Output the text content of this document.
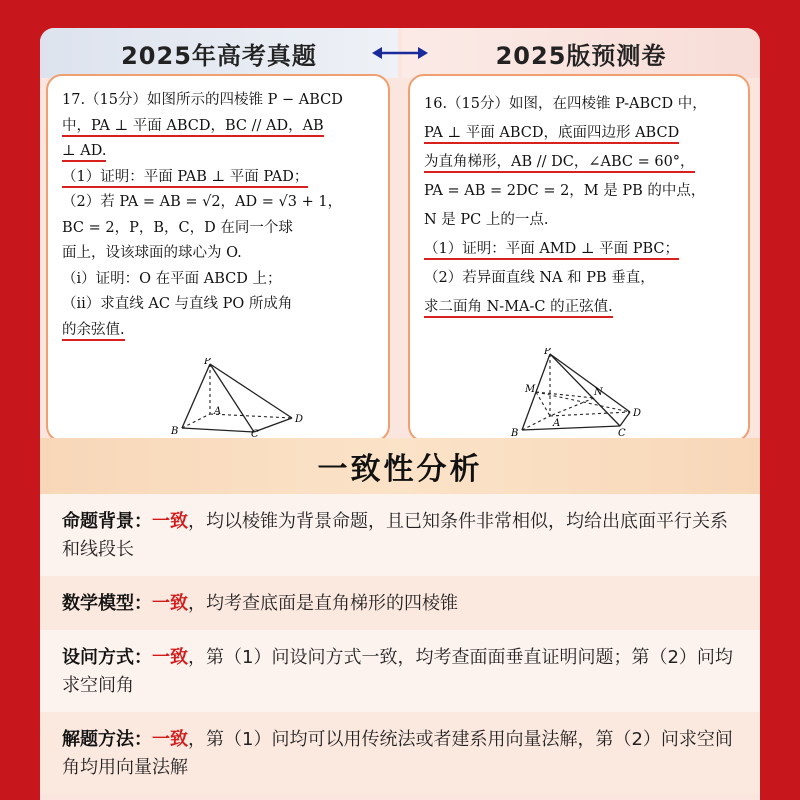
2025年高考真题	2025版预测卷
17.（15分）如图所示的四棱锥 P − ABCD
中，PA ⊥ 平面 ABCD，BC // AD，AB
⊥ AD.
（1）证明：平面 PAB ⊥ 平面 PAD；
（2）若 PA = AB = √2，AD = √3 + 1，
BC = 2，P，B，C，D 在同一个球
面上，设该球面的球心为 O.
（ⅰ）证明：O 在平面 ABCD 上；
（ⅱ）求直线 AC 与直线 PO 所成角
的余弦值.
P
A
B	C
D
16.（15分）如图，在四棱锥 P-ABCD 中，
PA ⊥ 平面 ABCD，底面四边形 ABCD
为直角梯形，AB // DC，∠ABC = 60°，
PA = AB = 2DC = 2，M 是 PB 的中点，
N 是 PC 上的一点.
（1）证明：平面 AMD ⊥ 平面 PBC；
（2）若异面直线 NA 和 PB 垂直，
求二面角 N-MA-C 的正弦值.
P
M	N
A
B	C
D
一致性分析
命题背景：一致，均以棱锥为背景命题，且已知条件非常相似，均给出底面平行关系和线段长
数学模型：一致，均考查底面是直角梯形的四棱锥
设问方式：一致，第（1）问设问方式一致，均考查面面垂直证明问题；第（2）问均求空间角
解题方法：一致，第（1）问均可以用传统法或者建系用向量法解，第（2）问求空间角均用向量法解
